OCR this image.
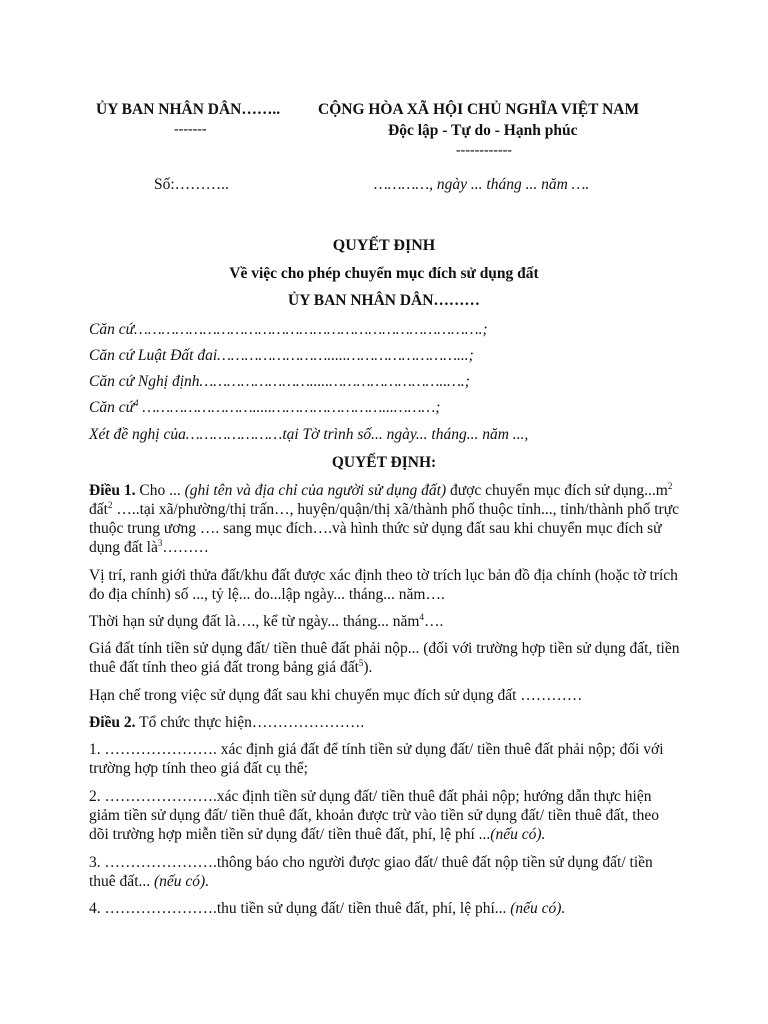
ỦY BAN NHÂN DÂN……..
-------
CỘNG HÒA XÃ HỘI CHỦ NGHĨA VIỆT NAM
Độc lập - Tự do - Hạnh phúc
------------
Số:………..	…………, ngày ... tháng ... năm ….
QUYẾT ĐỊNH
Về việc cho phép chuyển mục đích sử dụng đất
ỦY BAN NHÂN DÂN………
Căn cứ………………………………………………………………….;
Căn cứ Luật Đất đai…………………….....……………………...;
Căn cứ Nghị định…………………….....……………………..….;
Căn cứ$^4$ …………………….....……………………...………;
Xét đề nghị của…………………tại Tờ trình số... ngày... tháng... năm ...,
QUYẾT ĐỊNH:
Điều 1. Cho ... (ghi tên và địa chỉ của người sử dụng đất) được chuyển mục đích sử $dụng...m^2$ đất$^2$ …..tại xã/phường/thị trấn…, huyện/quận/thị xã/thành phố thuộc tỉnh..., tỉnh/thành phố trực thuộc trung ương …. sang mục đích….và hình thức sử dụng đất sau khi chuyển mục đích sử dụng đất $là^3\dots\dots\dots$
Vị trí, ranh giới thửa đất/khu đất được xác định theo tờ trích lục bản đồ địa chính (hoặc tờ trích đo địa chính) số ..., tỷ lệ... do...lập ngày... tháng... năm….
Thời hạn sử dụng đất là…., kể từ ngày... tháng... năm$^4$….
Giá đất tính tiền sử dụng đất/ tiền thuê đất phải nộp... (đối với trường hợp tiền sử dụng đất, tiền thuê đất tính theo giá đất trong bảng giá đất$^5$).
Hạn chế trong việc sử dụng đất sau khi chuyển mục đích sử dụng đất …………
Điều 2. Tổ chức thực hiện………………….
1. …………………. xác định giá đất để tính tiền sử dụng đất/ tiền thuê đất phải nộp; đối với trường hợp tính theo giá đất cụ thể;
2. ………………….xác định tiền sử dụng đất/ tiền thuê đất phải nộp; hướng dẫn thực hiện giảm tiền sử dụng đất/ tiền thuê đất, khoản được trừ vào tiền sử dụng đất/ tiền thuê đất, theo dõi trường hợp miễn tiền sử dụng đất/ tiền thuê đất, phí, lệ phí ...(nếu có).
3. ………………….thông báo cho người được giao đất/ thuê đất nộp tiền sử dụng đất/ tiền thuê đất... (nếu có).
4. ………………….thu tiền sử dụng đất/ tiền thuê đất, phí, lệ phí... (nếu có).
